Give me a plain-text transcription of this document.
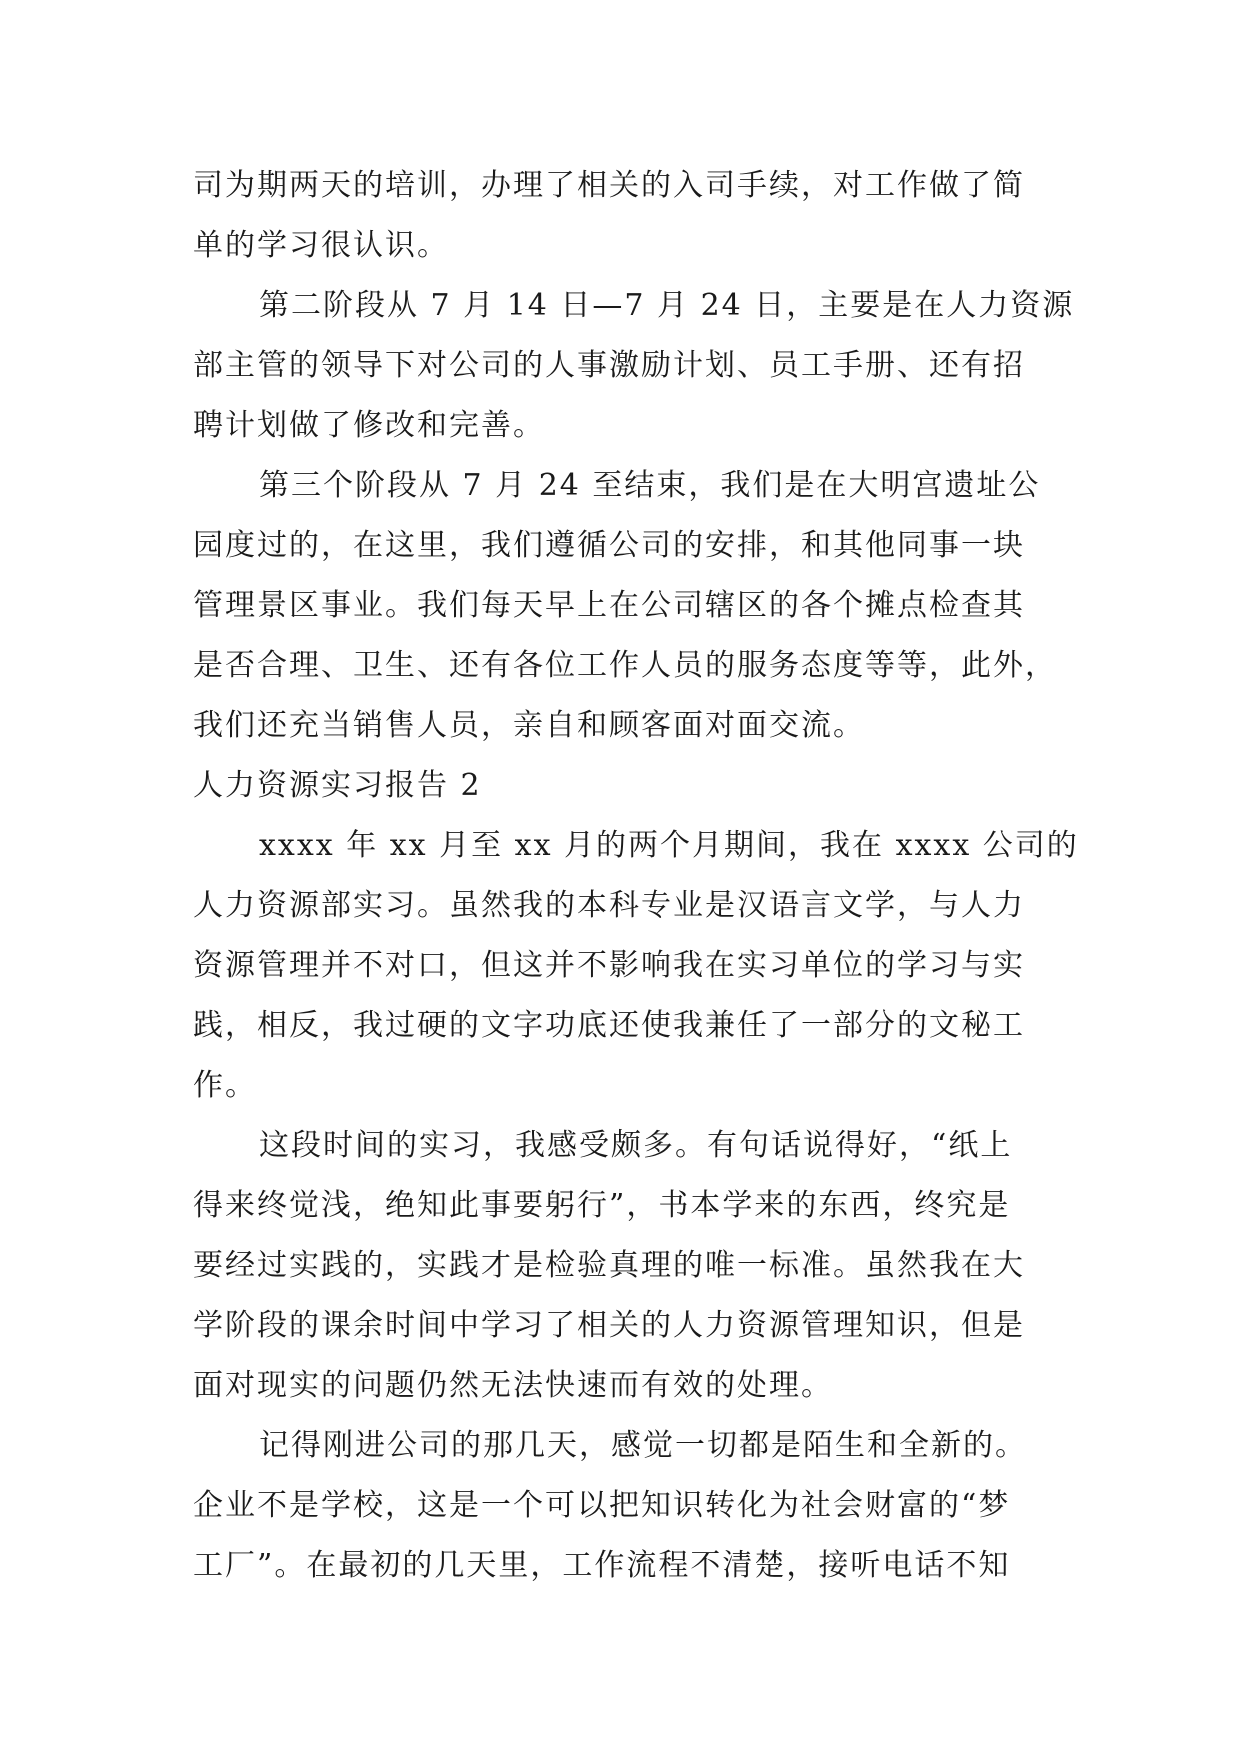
司为期两天的培训，办理了相关的入司手续，对工作做了简
单的学习很认识。
第二阶段从 7 月 14 日—7 月 24 日，主要是在人力资源
部主管的领导下对公司的人事激励计划、员工手册、还有招
聘计划做了修改和完善。
第三个阶段从 7 月 24 至结束，我们是在大明宫遗址公
园度过的，在这里，我们遵循公司的安排，和其他同事一块
管理景区事业。我们每天早上在公司辖区的各个摊点检查其
是否合理、卫生、还有各位工作人员的服务态度等等，此外，
我们还充当销售人员，亲自和顾客面对面交流。
人力资源实习报告 2
xxxx 年 xx 月至 xx 月的两个月期间，我在 xxxx 公司的
人力资源部实习。虽然我的本科专业是汉语言文学，与人力
资源管理并不对口，但这并不影响我在实习单位的学习与实
践，相反，我过硬的文字功底还使我兼任了一部分的文秘工
作。
这段时间的实习，我感受颇多。有句话说得好，“纸上
得来终觉浅，绝知此事要躬行”，书本学来的东西，终究是
要经过实践的，实践才是检验真理的唯一标准。虽然我在大
学阶段的课余时间中学习了相关的人力资源管理知识，但是
面对现实的问题仍然无法快速而有效的处理。
记得刚进公司的那几天，感觉一切都是陌生和全新的。
企业不是学校，这是一个可以把知识转化为社会财富的“梦
工厂”。在最初的几天里，工作流程不清楚，接听电话不知
